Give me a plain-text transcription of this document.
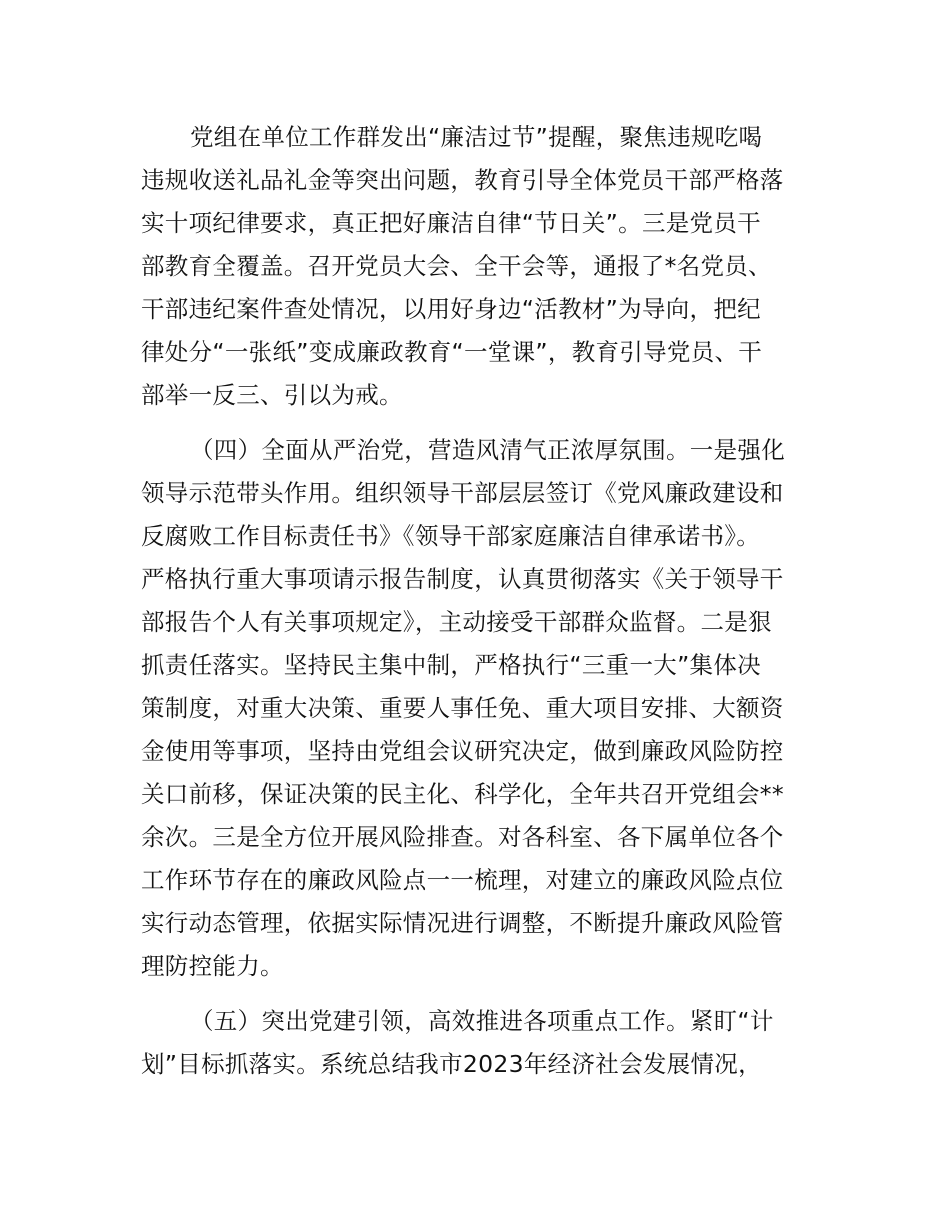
党组在单位工作群发出“廉洁过节”提醒，聚焦违规吃喝
违规收送礼品礼金等突出问题，教育引导全体党员干部严格落
实十项纪律要求，真正把好廉洁自律“节日关”。三是党员干
部教育全覆盖。召开党员大会、全干会等，通报了*名党员、
干部违纪案件查处情况，以用好身边“活教材”为导向，把纪
律处分“一张纸”变成廉政教育“一堂课”，教育引导党员、干
部举一反三、引以为戒。
（四）全面从严治党，营造风清气正浓厚氛围。一是强化
领导示范带头作用。组织领导干部层层签订《党风廉政建设和
反腐败工作目标责任书》《领导干部家庭廉洁自律承诺书》。
严格执行重大事项请示报告制度，认真贯彻落实《关于领导干
部报告个人有关事项规定》，主动接受干部群众监督。二是狠
抓责任落实。坚持民主集中制，严格执行“三重一大”集体决
策制度，对重大决策、重要人事任免、重大项目安排、大额资
金使用等事项，坚持由党组会议研究决定，做到廉政风险防控
关口前移，保证决策的民主化、科学化，全年共召开党组会**
余次。三是全方位开展风险排查。对各科室、各下属单位各个
工作环节存在的廉政风险点一一梳理，对建立的廉政风险点位
实行动态管理，依据实际情况进行调整，不断提升廉政风险管
理防控能力。
（五）突出党建引领，高效推进各项重点工作。紧盯“计
划”目标抓落实。系统总结我市2023年经济社会发展情况，
